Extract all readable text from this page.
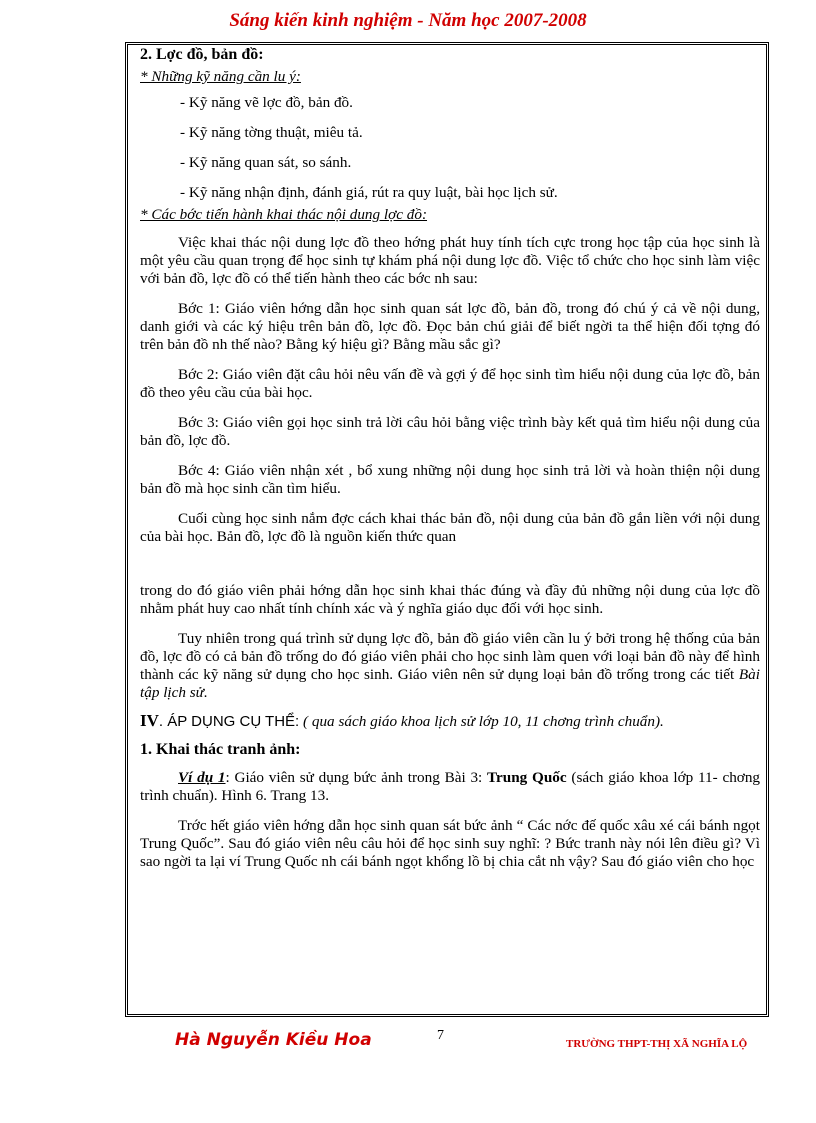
Sáng kiến kinh nghiệm - Năm học 2007-2008

2. Lợc đồ, bản đồ:

* Những kỹ năng cần lu ý:

- Kỹ năng vẽ lợc đồ, bản đồ.

- Kỹ năng tờng thuật, miêu tả.

- Kỹ năng quan sát, so sánh.

- Kỹ năng nhận định, đánh giá, rút ra quy luật, bài học lịch sử.

* Các bớc tiến hành khai thác nội dung lợc đồ:

Việc khai thác nội dung lợc đồ theo hớng phát huy tính tích cực trong học tập của học sinh là một yêu cầu quan trọng để học sinh tự khám phá nội dung lợc đồ. Việc tổ chức cho học sinh làm việc với bản đồ, lợc đồ có thể tiến hành theo các bớc nh sau:

Bớc 1: Giáo viên hớng dẫn học sinh quan sát lợc đồ, bản đồ, trong đó chú ý cả về nội dung, danh giới và các ký hiệu trên bản đồ, lợc đồ. Đọc bản chú giải để biết ngời ta thể hiện đối tợng đó trên bản đồ nh thế nào? Bằng ký hiệu gì? Bằng mầu sắc gì?

Bớc 2: Giáo viên đặt câu hỏi nêu vấn đề và gợi ý để học sinh tìm hiểu nội dung của lợc đồ, bản đồ theo yêu cầu của bài học.

Bớc 3: Giáo viên gọi học sinh trả lời câu hỏi bằng việc trình bày kết quả tìm hiểu nội dung của bản đồ, lợc đồ.

Bớc 4: Giáo viên nhận xét , bổ xung những nội dung học sinh trả lời và hoàn thiện nội dung bản đồ mà học sinh cần tìm hiểu.

Cuối cùng học sinh nắm đợc cách khai thác bản đồ, nội dung của bản đồ gắn liền với nội dung của bài học. Bản đồ, lợc đồ là nguồn kiến thức quan

trong do đó giáo viên phải hớng dẫn học sinh khai thác đúng và đầy đủ những nội dung của lợc đồ nhằm phát huy cao nhất tính chính xác và ý nghĩa giáo dục đối với học sinh.

Tuy nhiên trong quá trình sử dụng lợc đồ, bản đồ giáo viên cần lu ý bởi trong hệ thống của bản đồ, lợc đồ có cả bản đồ trống do đó giáo viên phải cho học sinh làm quen với loại bản đồ này để hình thành các kỹ năng sử dụng cho học sinh. Giáo viên nên sử dụng loại bản đồ trống trong các tiết Bài tập lịch sử.

IV. ÁP DỤNG CỤ THỂ: ( qua sách giáo khoa lịch sử lớp 10, 11 chơng trình chuẩn).

1. Khai thác tranh ảnh:

Ví dụ 1: Giáo viên sử dụng bức ảnh trong Bài 3: Trung Quốc (sách giáo khoa lớp 11- chơng trình chuẩn). Hình 6. Trang 13.

Trớc hết giáo viên hớng dẫn học sinh quan sát bức ảnh “ Các nớc đế quốc xâu xé cái bánh ngọt Trung Quốc”. Sau đó giáo viên nêu câu hỏi để học sinh suy nghĩ: ? Bức tranh này nói lên điều gì? Vì sao ngời ta lại ví Trung Quốc nh cái bánh ngọt khổng lồ bị chia cắt nh vậy? Sau đó giáo viên cho học

Hà Nguyễn Kiều Hoa	7
TRƯỜNG THPT-THỊ XÃ NGHĨA LỘ
